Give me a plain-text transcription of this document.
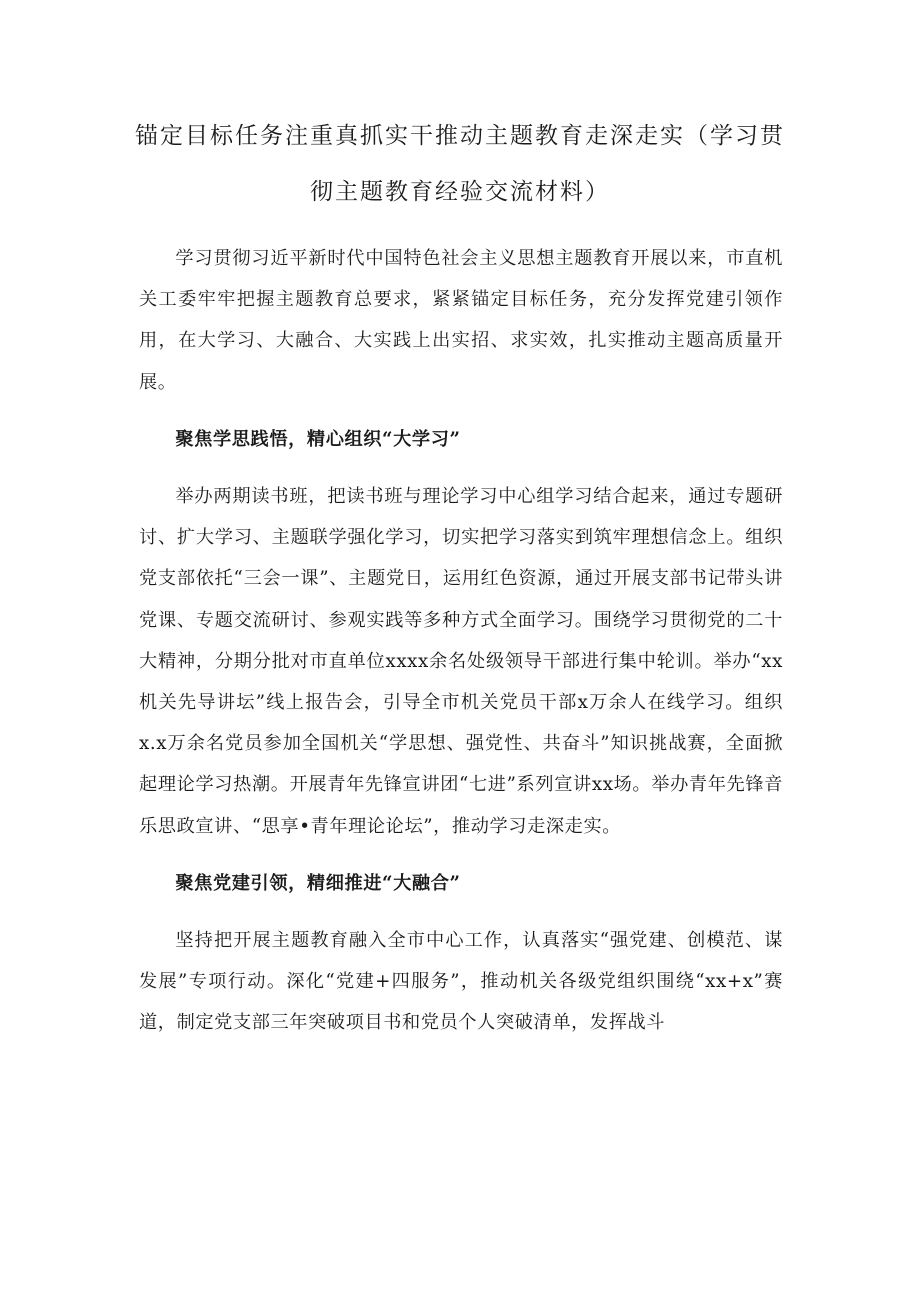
锚定目标任务注重真抓实干推动主题教育走深走实（学习贯彻主题教育经验交流材料）

学习贯彻习近平新时代中国特色社会主义思想主题教育开展以来，市直机关工委牢牢把握主题教育总要求，紧紧锚定目标任务，充分发挥党建引领作用，在大学习、大融合、大实践上出实招、求实效，扎实推动主题高质量开展。

聚焦学思践悟，精心组织“大学习”

举办两期读书班，把读书班与理论学习中心组学习结合起来，通过专题研讨、扩大学习、主题联学强化学习，切实把学习落实到筑牢理想信念上。组织党支部依托“三会一课”、主题党日，运用红色资源，通过开展支部书记带头讲党课、专题交流研讨、参观实践等多种方式全面学习。围绕学习贯彻党的二十大精神，分期分批对市直单位xxxx余名处级领导干部进行集中轮训。举办“xx机关先导讲坛”线上报告会，引导全市机关党员干部x万余人在线学习。组织x.x万余名党员参加全国机关“学思想、强党性、共奋斗”知识挑战赛，全面掀起理论学习热潮。开展青年先锋宣讲团“七进”系列宣讲xx场。举办青年先锋音乐思政宣讲、“思享•青年理论论坛”，推动学习走深走实。

聚焦党建引领，精细推进“大融合”

坚持把开展主题教育融入全市中心工作，认真落实“强党建、创模范、谋发展”专项行动。深化“党建+四服务”，推动机关各级党组织围绕“xx+x”赛道，制定党支部三年突破项目书和党员个人突破清单，发挥战斗
